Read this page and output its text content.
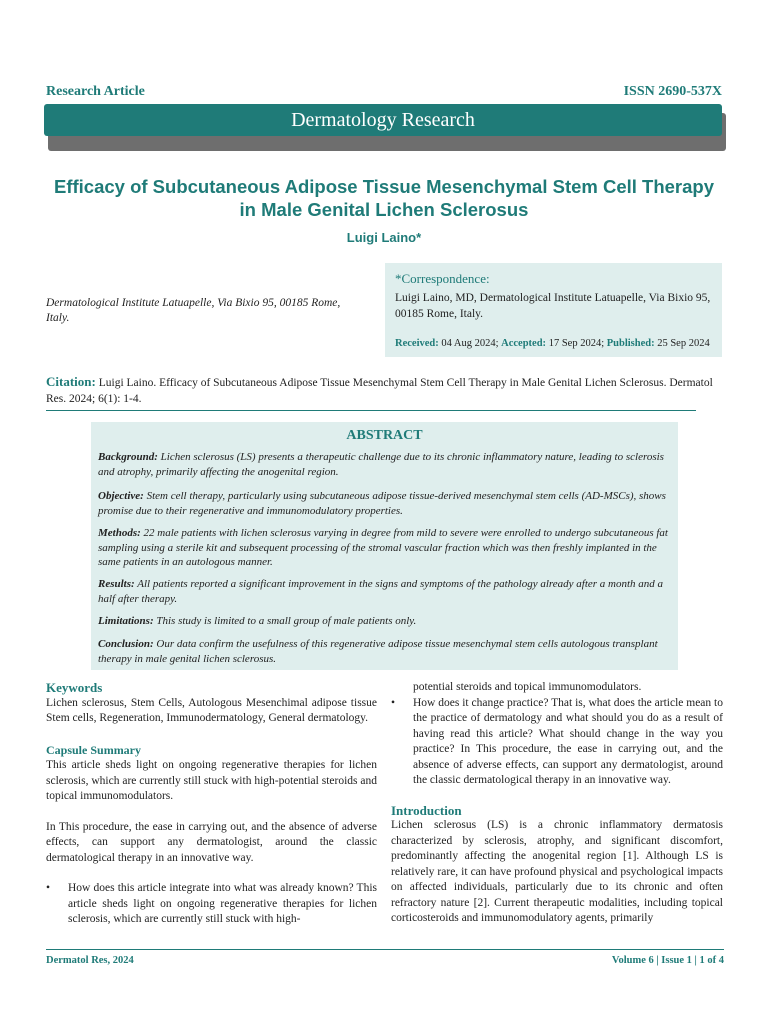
Research Article	ISSN 2690-537X
Dermatology Research
Efficacy of Subcutaneous Adipose Tissue Mesenchymal Stem Cell Therapy
in Male Genital Lichen Sclerosus
Luigi Laino*
Dermatological Institute Latuapelle, Via Bixio 95, 00185 Rome, Italy.
*Correspondence:
Luigi Laino, MD, Dermatological Institute Latuapelle, Via Bixio 95, 00185 Rome, Italy.
Received: 04 Aug 2024; Accepted: 17 Sep 2024; Published: 25 Sep 2024
Citation: Luigi Laino. Efficacy of Subcutaneous Adipose Tissue Mesenchymal Stem Cell Therapy in Male Genital Lichen Sclerosus. Dermatol Res. 2024; 6(1): 1-4.
ABSTRACT
Background: Lichen sclerosus (LS) presents a therapeutic challenge due to its chronic inflammatory nature, leading to sclerosis and atrophy, primarily affecting the anogenital region.
Objective: Stem cell therapy, particularly using subcutaneous adipose tissue-derived mesenchymal stem cells (AD-MSCs), shows promise due to their regenerative and immunomodulatory properties.
Methods: 22 male patients with lichen sclerosus varying in degree from mild to severe were enrolled to undergo subcutaneous fat sampling using a sterile kit and subsequent processing of the stromal vascular fraction which was then freshly implanted in the same patients in an autologous manner.
Results: All patients reported a significant improvement in the signs and symptoms of the pathology already after a month and a half after therapy.
Limitations: This study is limited to a small group of male patients only.
Conclusion: Our data confirm the usefulness of this regenerative adipose tissue mesenchymal stem cells autologous transplant therapy in male genital lichen sclerosus.
Keywords
Lichen sclerosus, Stem Cells, Autologous Mesenchimal adipose tissue Stem cells, Regeneration, Immunodermatology, General dermatology.
Capsule Summary
This article sheds light on ongoing regenerative therapies for lichen sclerosis, which are currently still stuck with high-potential steroids and topical immunomodulators.
In This procedure, the ease in carrying out, and the absence of adverse effects, can support any dermatologist, around the classic dermatological therapy in an innovative way.
• How does this article integrate into what was already known? This article sheds light on ongoing regenerative therapies for lichen sclerosis, which are currently still stuck with high-
potential steroids and topical immunomodulators.
• How does it change practice? That is, what does the article mean to the practice of dermatology and what should you do as a result of having read this article? What should change in the way you practice? In This procedure, the ease in carrying out, and the absence of adverse effects, can support any dermatologist, around the classic dermatological therapy in an innovative way.
Introduction
Lichen sclerosus (LS) is a chronic inflammatory dermatosis characterized by sclerosis, atrophy, and significant discomfort, predominantly affecting the anogenital region [1]. Although LS is relatively rare, it can have profound physical and psychological impacts on affected individuals, particularly due to its chronic and often refractory nature [2]. Current therapeutic modalities, including topical corticosteroids and immunomodulatory agents, primarily
Dermatol Res, 2024	Volume 6 | Issue 1 | 1 of 4
